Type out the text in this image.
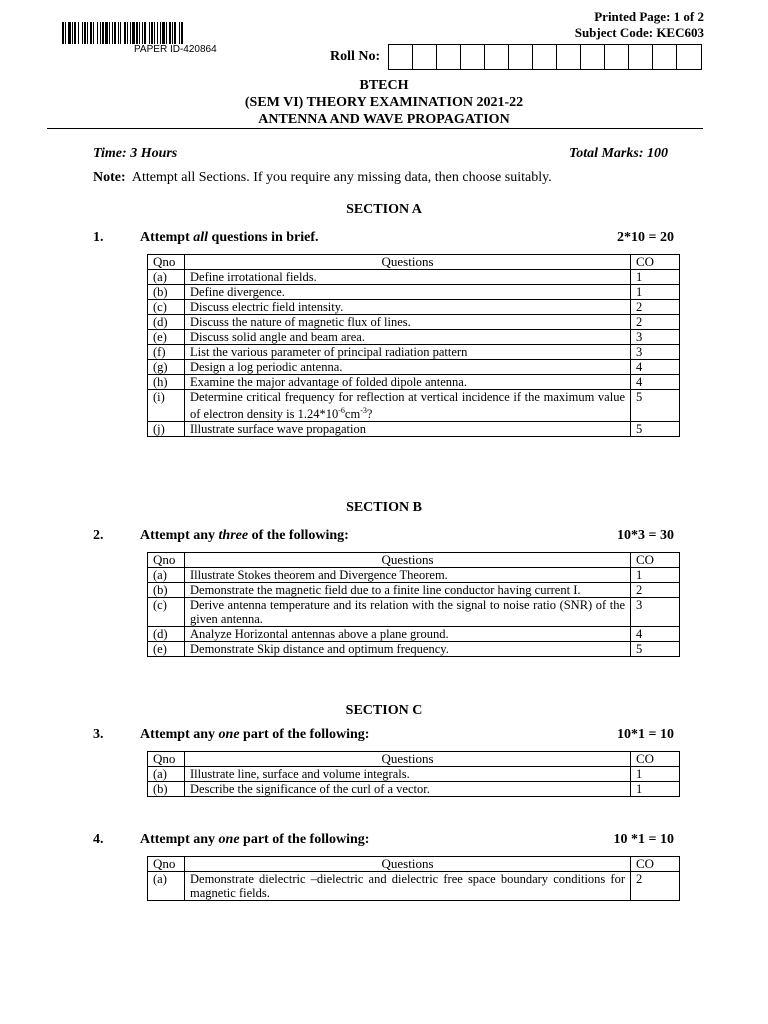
PAPER ID-420864
Printed Page: 1 of 2
Subject Code: KEC603
Roll No:
BTECH
(SEM VI) THEORY EXAMINATION 2021-22
ANTENNA AND WAVE PROPAGATION
Time: 3 Hours	Total Marks: 100
Note: Attempt all Sections. If you require any missing data, then choose suitably.
SECTION A
1.	Attempt all questions in brief.	2*10 = 20
Qno	Questions	CO
(a)	Define irrotational fields.	1
(b)	Define divergence.	1
(c)	Discuss electric field intensity.	2
(d)	Discuss the nature of magnetic flux of lines.	2
(e)	Discuss solid angle and beam area.	3
(f)	List the various parameter of principal radiation pattern	3
(g)	Design a log periodic antenna.	4
(h)	Examine the major advantage of folded dipole antenna.	4
(i)	Determine critical frequency for reflection at vertical incidence if the maximum value of electron density is $1.24*10^{-6}cm^{-3}$?	5
(j)	Illustrate surface wave propagation	5
SECTION B
2.	Attempt any three of the following:	10*3 = 30
Qno	Questions	CO
(a)	Illustrate Stokes theorem and Divergence Theorem.	1
(b)	Demonstrate the magnetic field due to a finite line conductor having current I.	2
(c)	Derive antenna temperature and its relation with the signal to noise ratio (SNR) of the given antenna.	3
(d)	Analyze Horizontal antennas above a plane ground.	4
(e)	Demonstrate Skip distance and optimum frequency.	5
SECTION C
3.	Attempt any one part of the following:	10*1 = 10
Qno	Questions	CO
(a)	Illustrate line, surface and volume integrals.	1
(b)	Describe the significance of the curl of a vector.	1
4.	Attempt any one part of the following:	10 *1 = 10
Qno	Questions	CO
(a)	Demonstrate dielectric –dielectric and dielectric free space boundary conditions for magnetic fields.	2
